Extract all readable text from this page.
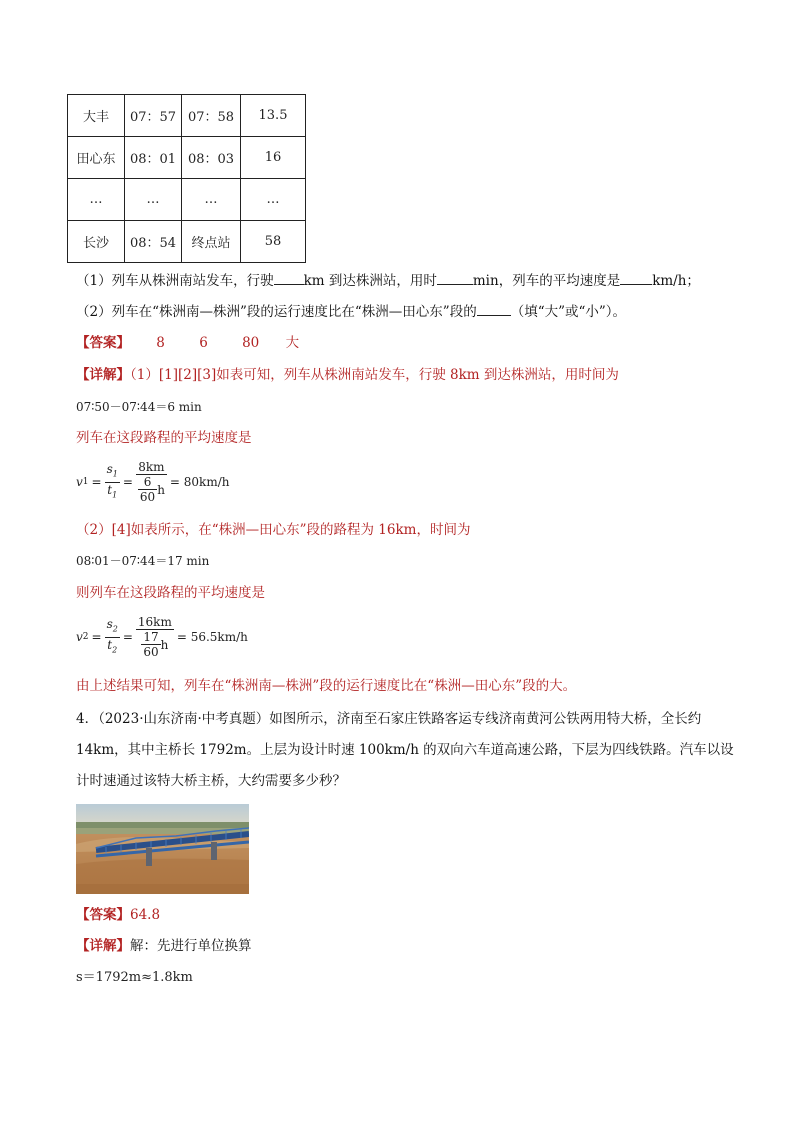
大丰	07：57	07：58	13.5
田心东	08：01	08：03	16
…	…	…	…
长沙	08：54	终点站	58
（1）列车从株洲南站发车，行驶 km 到达株洲站，用时	min，列车的平均速度是 km/h；
（2）列车在“株洲南—株洲”段的运行速度比在“株洲—田心东”段的	（填“大”或“小”）。
【答案】 8	6	80 大
【详解】（1）[1][2][3]如表可知，列车从株洲南站发车，行驶 8km 到达株洲站，用时间为
07∶50－07∶44＝6 min
列车在这段路程的平均速度是
v $1 = \frac{s_1}{t_1} = \frac{8km}{\frac{6}{60} h} = 80km/h$
（2）[4]如表所示，在“株洲—田心东”段的路程为 16km，时间为
08∶01－07∶44＝17 min
则列车在这段路程的平均速度是
v $2 = \frac{s_2}{t_2} = \frac{16km}{\frac{17}{60} h} = 56.5km/h$
由上述结果可知，列车在“株洲南—株洲”段的运行速度比在“株洲—田心东”段的大。
4．（2023·山东济南·中考真题）如图所示，济南至石家庄铁路客运专线济南黄河公铁两用特大桥，全长约
14km，其中主桥长 1792m。上层为设计时速 100km/h 的双向六车道高速公路，下层为四线铁路。汽车以设
计时速通过该特大桥主桥，大约需要多少秒？
【答案】64.8
【详解】解：先进行单位换算
s＝1792m≈1.8km
